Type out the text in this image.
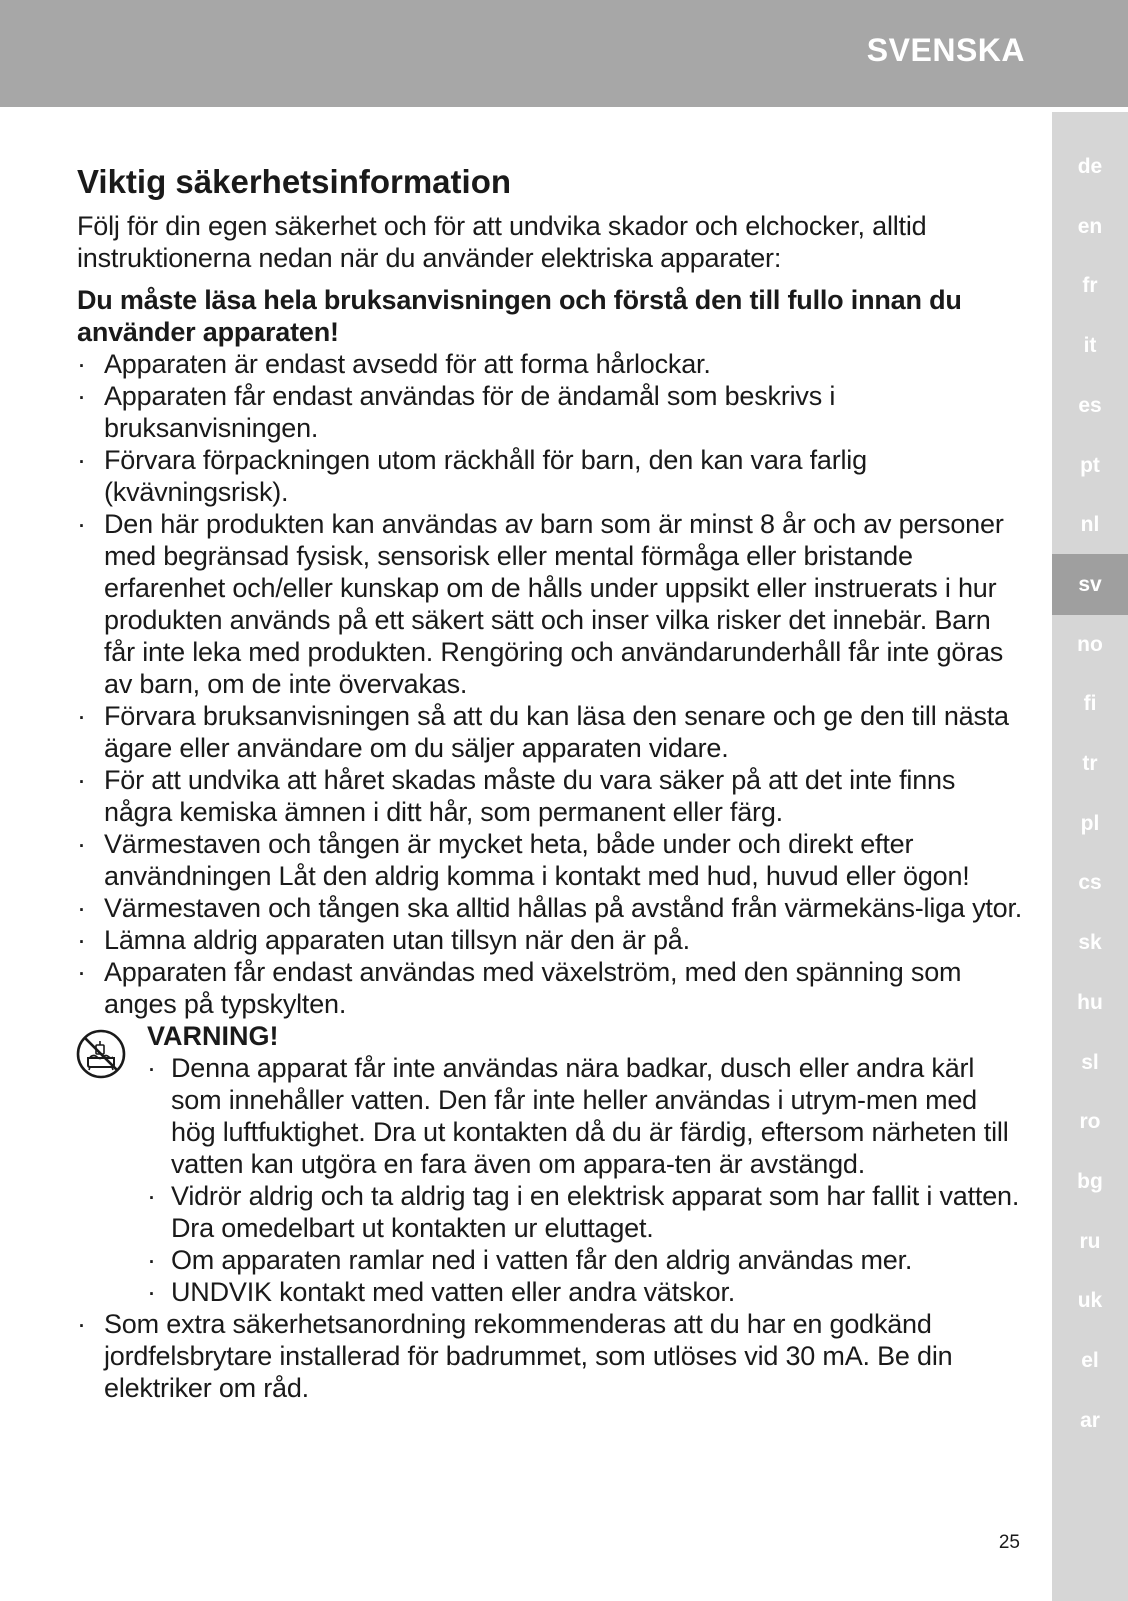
SVENSKA
de
en
fr
it
es
pt
nl
sv
no
fi
tr
pl
cs
sk
hu
sl
ro
bg
ru
uk
el
ar
Viktig säkerhetsinformation

Följ för din egen säkerhet och för att undvika skador och elchocker, alltid instruktionerna nedan när du använder elektriska apparater:

Du måste läsa hela bruksanvisningen och förstå den till fullo innan du använder apparaten!

· Apparaten är endast avsedd för att forma hårlockar.
· Apparaten får endast användas för de ändamål som beskrivs i bruksanvisningen.
· Förvara förpackningen utom räckhåll för barn, den kan vara farlig (kvävningsrisk).
· Den här produkten kan användas av barn som är minst 8 år och av personer med begränsad fysisk, sensorisk eller mental förmåga eller bristande erfarenhet och/eller kunskap om de hålls under uppsikt eller instruerats i hur produkten används på ett säkert sätt och inser vilka risker det innebär. Barn får inte leka med produkten. Rengöring och användarunderhåll får inte göras av barn, om de inte övervakas.
· Förvara bruksanvisningen så att du kan läsa den senare och ge den till nästa ägare eller användare om du säljer apparaten vidare.
· För att undvika att håret skadas måste du vara säker på att det inte finns några kemiska ämnen i ditt hår, som permanent eller färg.
· Värmestaven och tången är mycket heta, både under och direkt efter användningen Låt den aldrig komma i kontakt med hud, huvud eller ögon!
· Värmestaven och tången ska alltid hållas på avstånd från värmekäns-liga ytor.
· Lämna aldrig apparaten utan tillsyn när den är på.
· Apparaten får endast användas med växelström, med den spänning som anges på typskylten.
VARNING!
· Denna apparat får inte användas nära badkar, dusch eller andra kärl som innehåller vatten. Den får inte heller användas i utrym-men med hög luftfuktighet. Dra ut kontakten då du är färdig, eftersom närheten till vatten kan utgöra en fara även om appara-ten är avstängd.
· Vidrör aldrig och ta aldrig tag i en elektrisk apparat som har fallit i vatten. Dra omedelbart ut kontakten ur eluttaget.
· Om apparaten ramlar ned i vatten får den aldrig användas mer.
· UNDVIK kontakt med vatten eller andra vätskor.
· Som extra säkerhetsanordning rekommenderas att du har en godkänd jordfelsbrytare installerad för badrummet, som utlöses vid 30 mA. Be din elektriker om råd.
25
